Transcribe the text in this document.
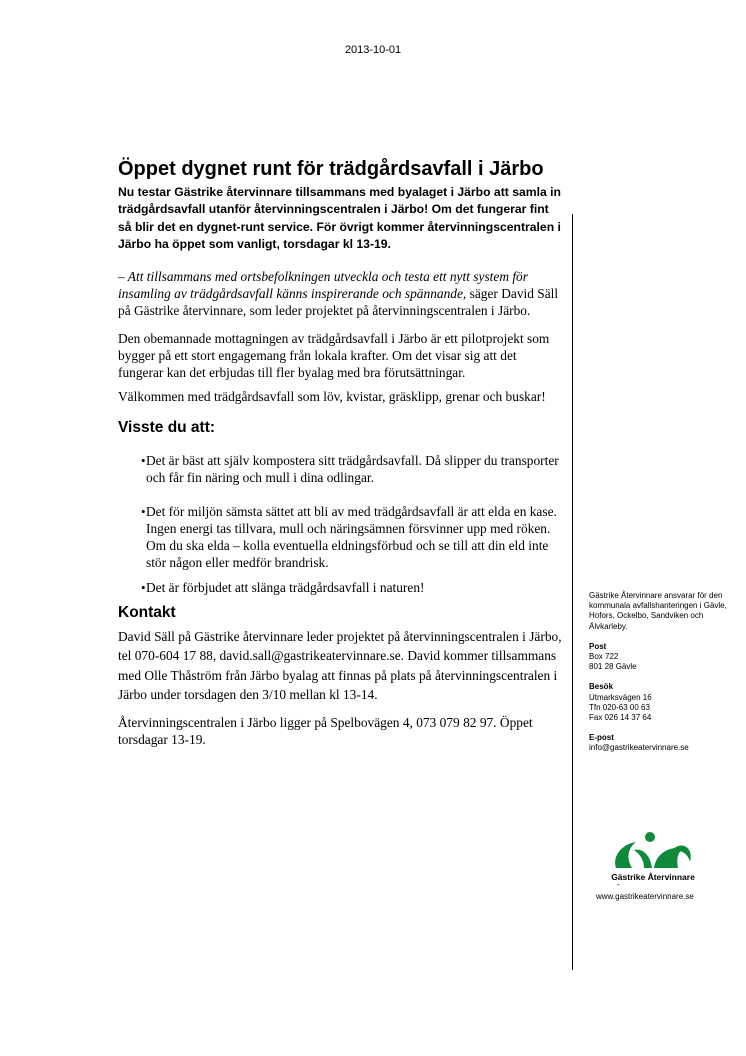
2013-10-01
Öppet dygnet runt för trädgårdsavfall i Järbo

Nu testar Gästrike återvinnare tillsammans med byalaget i Järbo att samla in trädgårdsavfall utanför återvinningscentralen i Järbo! Om det fungerar fint så blir det en dygnet-runt service. För övrigt kommer återvinningscentralen i Järbo ha öppet som vanligt, torsdagar kl 13-19.

– Att tillsammans med ortsbefolkningen utveckla och testa ett nytt system för insamling av trädgårdsavfall känns inspirerande och spännande, säger David Säll på Gästrike återvinnare, som leder projektet på återvinningscentralen i Järbo.

Den obemannade mottagningen av trädgårdsavfall i Järbo är ett pilotprojekt som bygger på ett stort engagemang från lokala krafter. Om det visar sig att det fungerar kan det erbjudas till fler byalag med bra förutsättningar.

Välkommen med trädgårdsavfall som löv, kvistar, gräsklipp, grenar och buskar!

Visste du att:
• Det är bäst att själv kompostera sitt trädgårdsavfall. Då slipper du transporter och får fin näring och mull i dina odlingar.
• Det för miljön sämsta sättet att bli av med trädgårdsavfall är att elda en kase. Ingen energi tas tillvara, mull och näringsämnen försvinner upp med röken. Om du ska elda – kolla eventuella eldningsförbud och se till att din eld inte stör någon eller medför brandrisk.
• Det är förbjudet att slänga trädgårdsavfall i naturen!
Kontakt

David Säll på Gästrike återvinnare leder projektet på återvinningscentralen i Järbo, tel 070-604 17 88, david.sall@gastrikeatervinnare.se. David kommer tillsammans med Olle Thåström från Järbo byalag att finnas på plats på återvinningscentralen i Järbo under torsdagen den 3/10 mellan kl 13-14.

Återvinningscentralen i Järbo ligger på Spelbovägen 4, 073 079 82 97. Öppet torsdagar 13-19.

Gästrike Återvinnare ansvarar för den kommunala avfallshanteringen i Gävle, Hofors, Ockelbo, Sandviken och Älvkarleby.

Post

Box 722

801 28 Gävle

Besök

Utmarksvägen 16

Tfn 020-63 00 63

Fax 026 14 37 64

E-post

info@gastrikeatervinnare.se

Gästrike Återvinnare
-
www.gastrikeatervinnare.se
